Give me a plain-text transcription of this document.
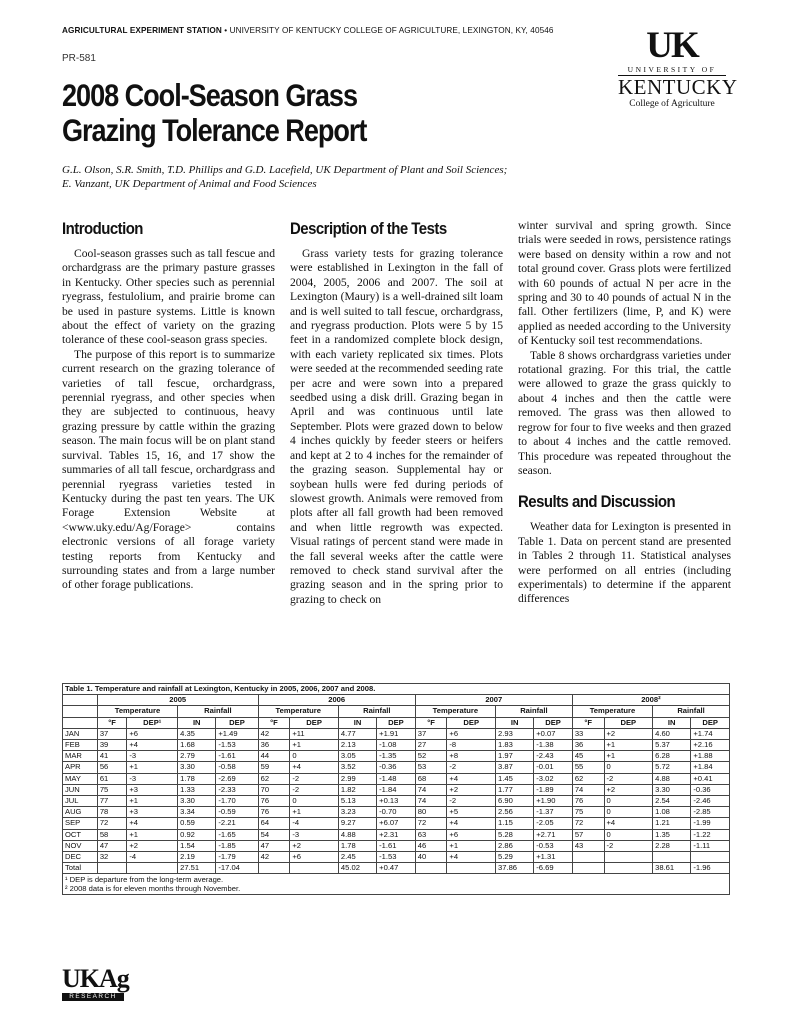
AGRICULTURAL EXPERIMENT STATION • UNIVERSITY OF KENTUCKY COLLEGE OF AGRICULTURE, LEXINGTON, KY, 40546
PR-581
2008 Cool-Season Grass
Grazing Tolerance Report
G.L. Olson, S.R. Smith, T.D. Phillips and G.D. Lacefield, UK Department of Plant and Soil Sciences;
E. Vanzant, UK Department of Animal and Food Sciences
UK
UNIVERSITY OF
KENTUCKY
College of Agriculture
Introduction

Cool-season grasses such as tall fescue and orchardgrass are the primary pasture grasses in Kentucky. Other species such as perennial ryegrass, festulolium, and prairie brome can be used in pasture systems. Little is known about the effect of variety on the grazing tolerance of these cool-season grass species.

The purpose of this report is to summarize current research on the grazing tolerance of varieties of tall fescue, orchardgrass, perennial ryegrass, and other species when they are subjected to continuous, heavy grazing pressure by cattle within the grazing season. The main focus will be on plant stand survival. Tables 15, 16, and 17 show the summaries of all tall fescue, orchardgrass and perennial ryegrass varieties tested in Kentucky during the past ten years. The UK Forage Extension Website at <www.uky.edu/Ag/Forage> contains electronic versions of all forage variety testing reports from Kentucky and surrounding states and from a large number of other forage publications.

Description of the Tests

Grass variety tests for grazing tolerance were established in Lexington in the fall of 2004, 2005, 2006 and 2007. The soil at Lexington (Maury) is a well-drained silt loam and is well suited to tall fescue, orchardgrass, and ryegrass production. Plots were 5 by 15 feet in a randomized complete block design, with each variety replicated six times. Plots were seeded at the recommended seeding rate per acre and were sown into a prepared seedbed using a disk drill. Grazing began in April and was continuous until late September. Plots were grazed down to below 4 inches quickly by feeder steers or heifers and kept at 2 to 4 inches for the remainder of the grazing season. Supplemental hay or soybean hulls were fed during periods of slowest growth. Animals were removed from plots after all fall growth had been removed and when little regrowth was expected. Visual ratings of percent stand were made in the fall several weeks after the cattle were removed to check stand survival after the grazing season and in the spring prior to grazing to check on

winter survival and spring growth. Since trials were seeded in rows, persistence ratings were based on density within a row and not total ground cover. Grass plots were fertilized with 60 pounds of actual N per acre in the spring and 30 to 40 pounds of actual N in the fall. Other fertilizers (lime, P, and K) were applied as needed according to the University of Kentucky soil test recommendations.

Table 8 shows orchardgrass varieties under rotational grazing. For this trial, the cattle were allowed to graze the grass quickly to about 4 inches and then the cattle were removed. The grass was then allowed to regrow for four to five weeks and then grazed to about 4 inches and the cattle removed. This procedure was repeated throughout the season.

Results and Discussion

Weather data for Lexington is presented in Table 1. Data on percent stand are presented in Tables 2 through 11. Statistical analyses were performed on all entries (including experimentals) to determine if the apparent differences

Table 1. Temperature and rainfall at Lexington, Kentucky in 2005, 2006, 2007 and 2008.																
	2005				2006				2007				2008²			
	Temperature		Rainfall		Temperature		Rainfall		Temperature		Rainfall		Temperature		Rainfall	
	°F	DEP¹	IN	DEP	°F	DEP	IN	DEP	°F	DEP	IN	DEP	°F	DEP	IN	DEP
JAN	37	+6	4.35	+1.49	42	+11	4.77	+1.91	37	+6	2.93	+0.07	33	+2	4.60	+1.74
FEB	39	+4	1.68	-1.53	36	+1	2.13	-1.08	27	-8	1.83	-1.38	36	+1	5.37	+2.16
MAR	41	-3	2.79	-1.61	44	0	3.05	-1.35	52	+8	1.97	-2.43	45	+1	6.28	+1.88
APR	56	+1	3.30	-0.58	59	+4	3.52	-0.36	53	-2	3.87	-0.01	55	0	5.72	+1.84
MAY	61	-3	1.78	-2.69	62	-2	2.99	-1.48	68	+4	1.45	-3.02	62	-2	4.88	+0.41
JUN	75	+3	1.33	-2.33	70	-2	1.82	-1.84	74	+2	1.77	-1.89	74	+2	3.30	-0.36
JUL	77	+1	3.30	-1.70	76	0	5.13	+0.13	74	-2	6.90	+1.90	76	0	2.54	-2.46
AUG	78	+3	3.34	-0.59	76	+1	3.23	-0.70	80	+5	2.56	-1.37	75	0	1.08	-2.85
SEP	72	+4	0.59	-2.21	64	-4	9.27	+6.07	72	+4	1.15	-2.05	72	+4	1.21	-1.99
OCT	58	+1	0.92	-1.65	54	-3	4.88	+2.31	63	+6	5.28	+2.71	57	0	1.35	-1.22
NOV	47	+2	1.54	-1.85	47	+2	1.78	-1.61	46	+1	2.86	-0.53	43	-2	2.28	-1.11
DEC	32	-4	2.19	-1.79	42	+6	2.45	-1.53	40	+4	5.29	+1.31				
Total			27.51	-17.04			45.02	+0.47			37.86	-6.69			38.61	-1.96
¹ DEP is departure from the long-term average.
² 2008 data is for eleven months through November.
UKAg
RESEARCH
